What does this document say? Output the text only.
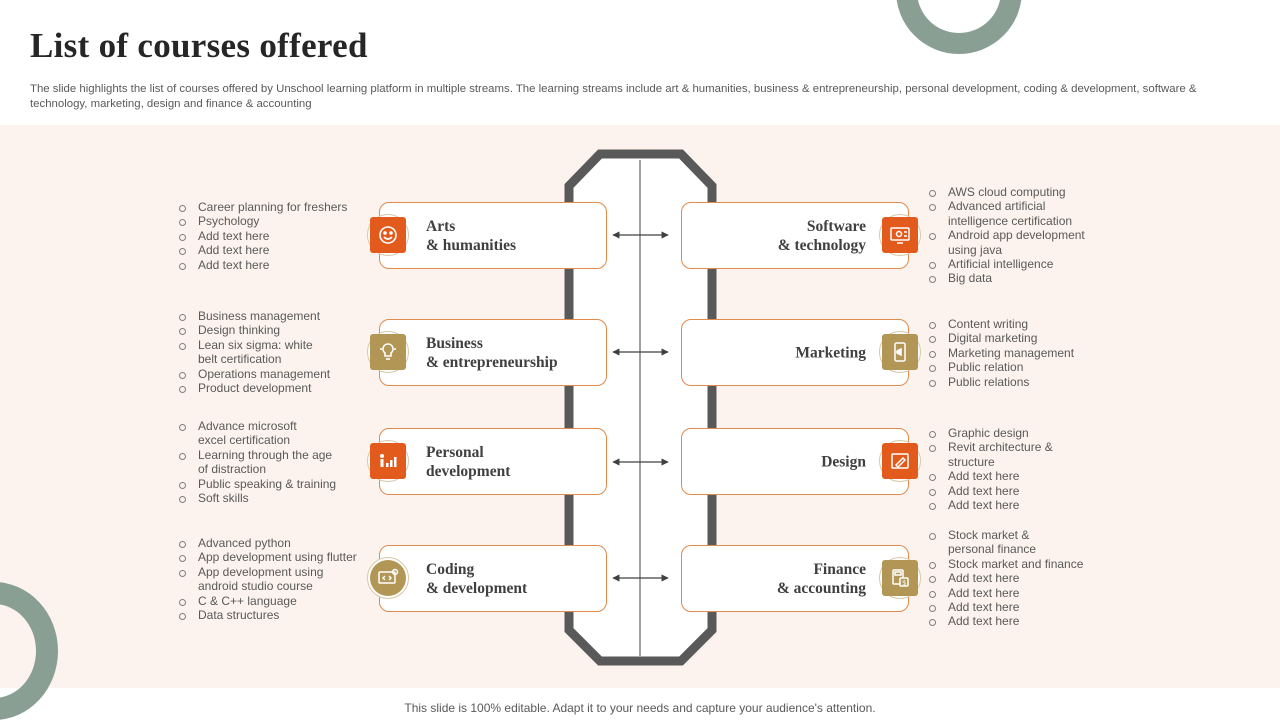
List of courses offered

The slide highlights the list of courses offered by Unschool learning platform in multiple streams. The learning streams include art & humanities, business & entrepreneurship, personal development, coding & development, software & technology, marketing, design and finance & accounting

Arts
& humanities
Business
& entrepreneurship
Personal
development
Coding
& development
Software
& technology
Marketing
Design
$
Finance
& accounting
Career planning for freshers
Psychology
Add text here
Add text here
Add text here
Business management
Design thinking
Lean six sigma: white
belt certification
Operations management
Product development
Advance microsoft
excel certification
Learning through the age
of distraction
Public speaking & training
Soft skills
Advanced python
App development using flutter
App development using
android studio course
C & C++ language
Data structures
AWS cloud computing
Advanced artificial
intelligence certification
Android app development
using java
Artificial intelligence
Big data
Content writing
Digital marketing
Marketing management
Public relation
Public relations
Graphic design
Revit architecture &
structure
Add text here
Add text here
Add text here
Stock market &
personal finance
Stock market and finance
Add text here
Add text here
Add text here
Add text here
This slide is 100% editable. Adapt it to your needs and capture your audience's attention.
